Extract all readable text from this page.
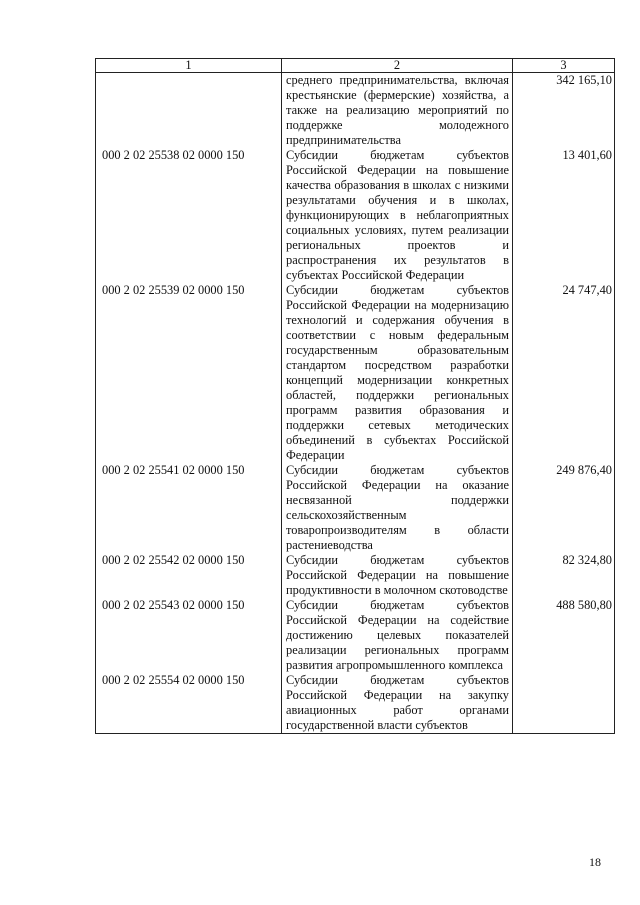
1	2	3
	среднего предпринимательства, включая крестьянские (фермерские) хозяйства, а также на реализацию мероприятий по поддержке молодежного предпринимательства	342 165,10
000 2 02 25538 02 0000 150	Субсидии бюджетам субъектов Российской Федерации на повышение качества образования в школах с низкими результатами обучения и в школах, функционирующих в неблагоприятных социальных условиях, путем реализации региональных проектов и распространения их результатов в субъектах Российской Федерации	13 401,60
000 2 02 25539 02 0000 150	Субсидии бюджетам субъектов Российской Федерации на модернизацию технологий и содержания обучения в соответствии с новым федеральным государственным образовательным стандартом посредством разработки концепций модернизации конкретных областей, поддержки региональных программ развития образования и поддержки сетевых методических объединений в субъектах Российской Федерации	24 747,40
000 2 02 25541 02 0000 150	Субсидии бюджетам субъектов Российской Федерации на оказание несвязанной поддержки сельскохозяйственным товаропроизводителям в области растениеводства	249 876,40
000 2 02 25542 02 0000 150	Субсидии бюджетам субъектов Российской Федерации на повышение продуктивности в молочном скотоводстве	82 324,80
000 2 02 25543 02 0000 150	Субсидии бюджетам субъектов Российской Федерации на содействие достижению целевых показателей реализации региональных программ развития агропромышленного комплекса	488 580,80
000 2 02 25554 02 0000 150	Субсидии бюджетам субъектов Российской Федерации на закупку авиационных работ органами государственной власти субъектов	
18
